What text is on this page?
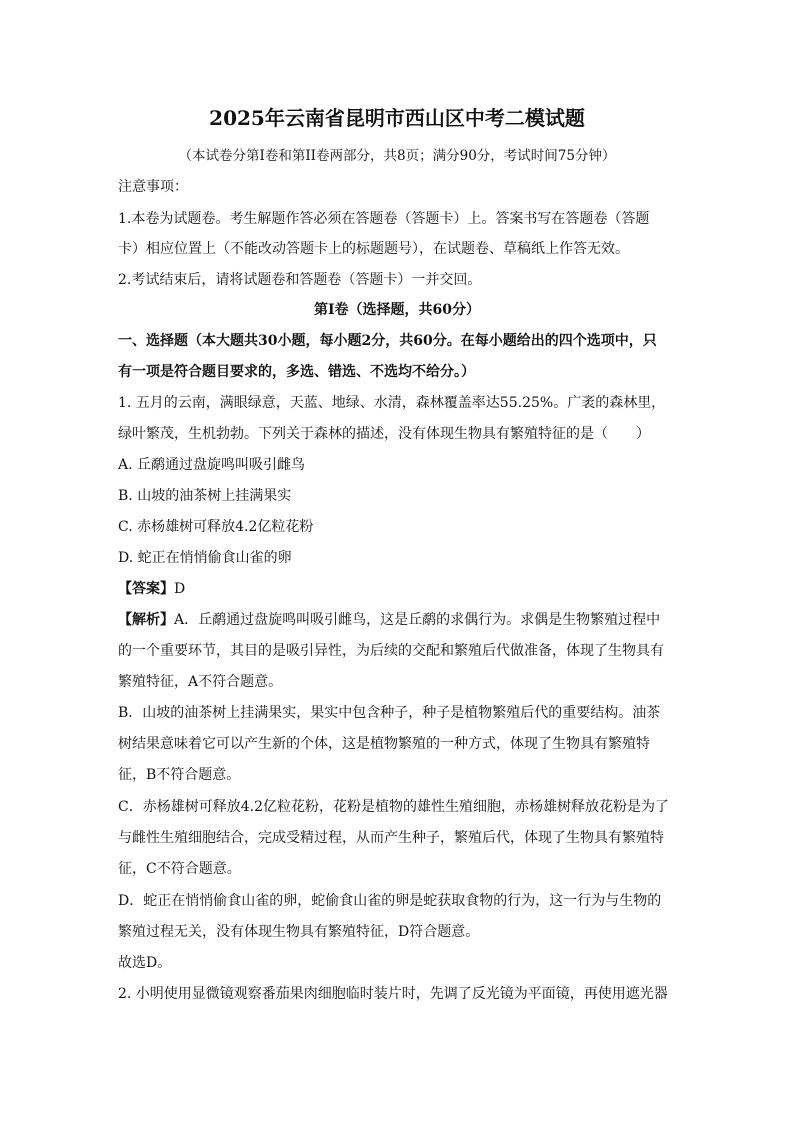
2025年云南省昆明市西山区中考二模试题
（本试卷分第I卷和第II卷两部分，共8页；满分90分，考试时间75分钟）
注意事项：
1.本卷为试题卷。考生解题作答必须在答题卷（答题卡）上。答案书写在答题卷（答题
卡）相应位置上（不能改动答题卡上的标题题号），在试题卷、草稿纸上作答无效。
2.考试结束后，请将试题卷和答题卷（答题卡）一并交回。
第I卷（选择题，共60分）
一、选择题（本大题共30小题，每小题2分，共60分。在每小题给出的四个选项中，只
有一项是符合题目要求的，多选、错选、不选均不给分。）
1. 五月的云南，满眼绿意，天蓝、地绿、水清，森林覆盖率达55.25%。广袤的森林里，
绿叶繁茂，生机勃勃。下列关于森林的描述，没有体现生物具有繁殖特征的是（　　）
A. 丘鹬通过盘旋鸣叫吸引雌鸟
B. 山坡的油茶树上挂满果实
C. 赤杨雄树可释放4.2亿粒花粉
D. 蛇正在悄悄偷食山雀的卵
【答案】D
【解析】A．丘鹬通过盘旋鸣叫吸引雌鸟，这是丘鹬的求偶行为。求偶是生物繁殖过程中
的一个重要环节，其目的是吸引异性，为后续的交配和繁殖后代做准备，体现了生物具有
繁殖特征，A不符合题意。
B．山坡的油茶树上挂满果实，果实中包含种子，种子是植物繁殖后代的重要结构。油茶
树结果意味着它可以产生新的个体，这是植物繁殖的一种方式，体现了生物具有繁殖特
征，B不符合题意。
C．赤杨雄树可释放4.2亿粒花粉，花粉是植物的雄性生殖细胞，赤杨雄树释放花粉是为了
与雌性生殖细胞结合，完成受精过程，从而产生种子，繁殖后代，体现了生物具有繁殖特
征，C不符合题意。
D．蛇正在悄悄偷食山雀的卵，蛇偷食山雀的卵是蛇获取食物的行为，这一行为与生物的
繁殖过程无关，没有体现生物具有繁殖特征，D符合题意。
故选D。
2. 小明使用显微镜观察番茄果肉细胞临时装片时，先调了反光镜为平面镜，再使用遮光器
